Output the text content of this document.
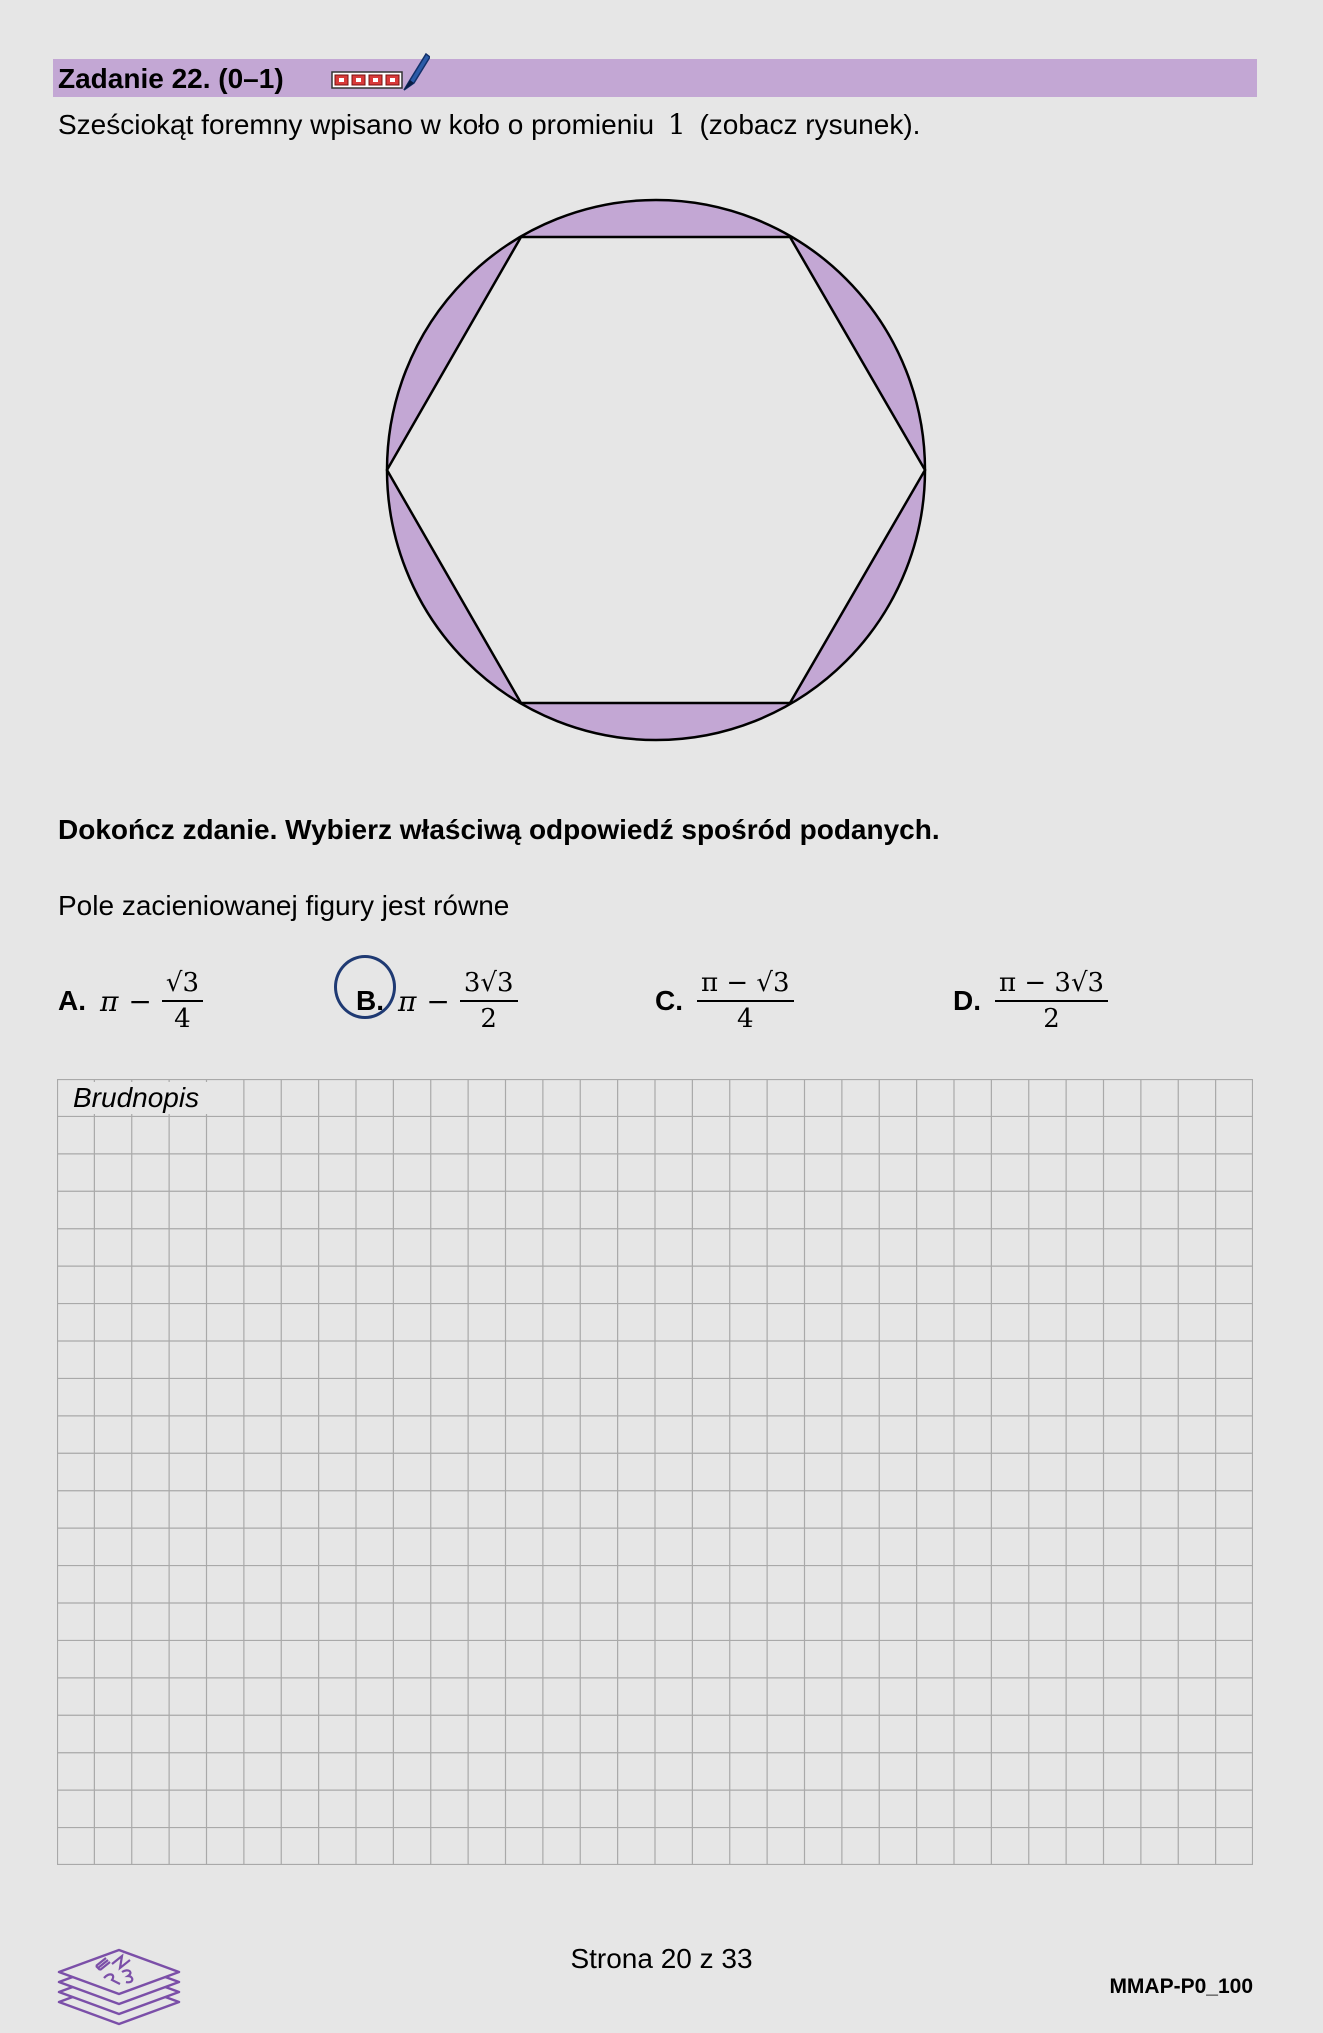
Zadanie 22. (0–1)
Sześciokąt foremny wpisano w koło o promieniu 1 (zobacz rysunek).
Dokończ zdanie. Wybierz właściwą odpowiedź spośród podanych.
Pole zacieniowanej figury jest równe
A. $\pi - \frac{√3}{4}$	B. $\pi - \frac{3√3}{2}$	C. $\frac{\pi - √3}{4}$	D. $\frac{\pi - 3√3}{2}$
Brudnopis
Strona 20 z 33
MMAP-P0_100
